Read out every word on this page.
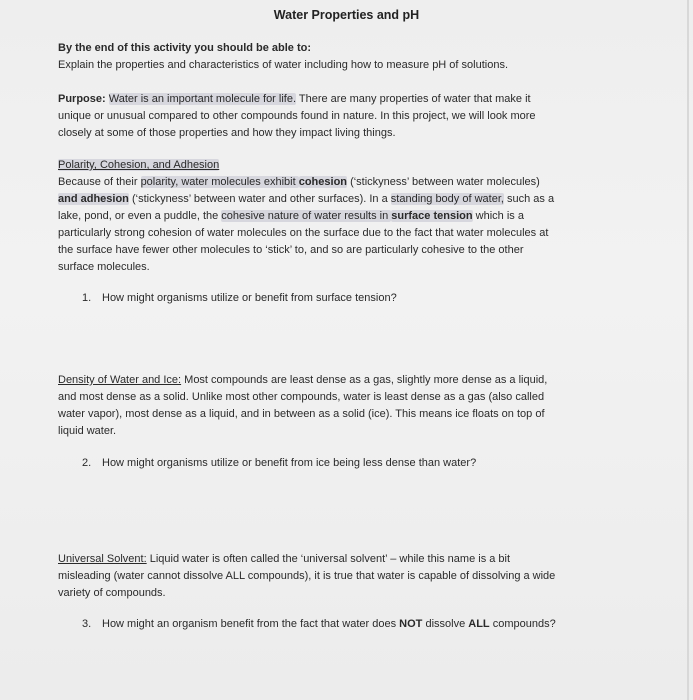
Water Properties and pH
By the end of this activity you should be able to:
Explain the properties and characteristics of water including how to measure pH of solutions.
Purpose: Water is an important molecule for life. There are many properties of water that make it
unique or unusual compared to other compounds found in nature. In this project, we will look more
closely at some of those properties and how they impact living things.
Polarity, Cohesion, and Adhesion
Because of their polarity, water molecules exhibit cohesion (‘stickyness’ between water molecules)
and adhesion (‘stickyness’ between water and other surfaces). In a standing body of water, such as a
lake, pond, or even a puddle, the cohesive nature of water results in surface tension which is a
particularly strong cohesion of water molecules on the surface due to the fact that water molecules at
the surface have fewer other molecules to ‘stick’ to, and so are particularly cohesive to the other
surface molecules.
1. How might organisms utilize or benefit from surface tension?
Density of Water and Ice: Most compounds are least dense as a gas, slightly more dense as a liquid,
and most dense as a solid. Unlike most other compounds, water is least dense as a gas (also called
water vapor), most dense as a liquid, and in between as a solid (ice). This means ice floats on top of
liquid water.
2. How might organisms utilize or benefit from ice being less dense than water?
Universal Solvent: Liquid water is often called the ‘universal solvent’ – while this name is a bit
misleading (water cannot dissolve ALL compounds), it is true that water is capable of dissolving a wide
variety of compounds.
3. How might an organism benefit from the fact that water does NOT dissolve ALL compounds?
